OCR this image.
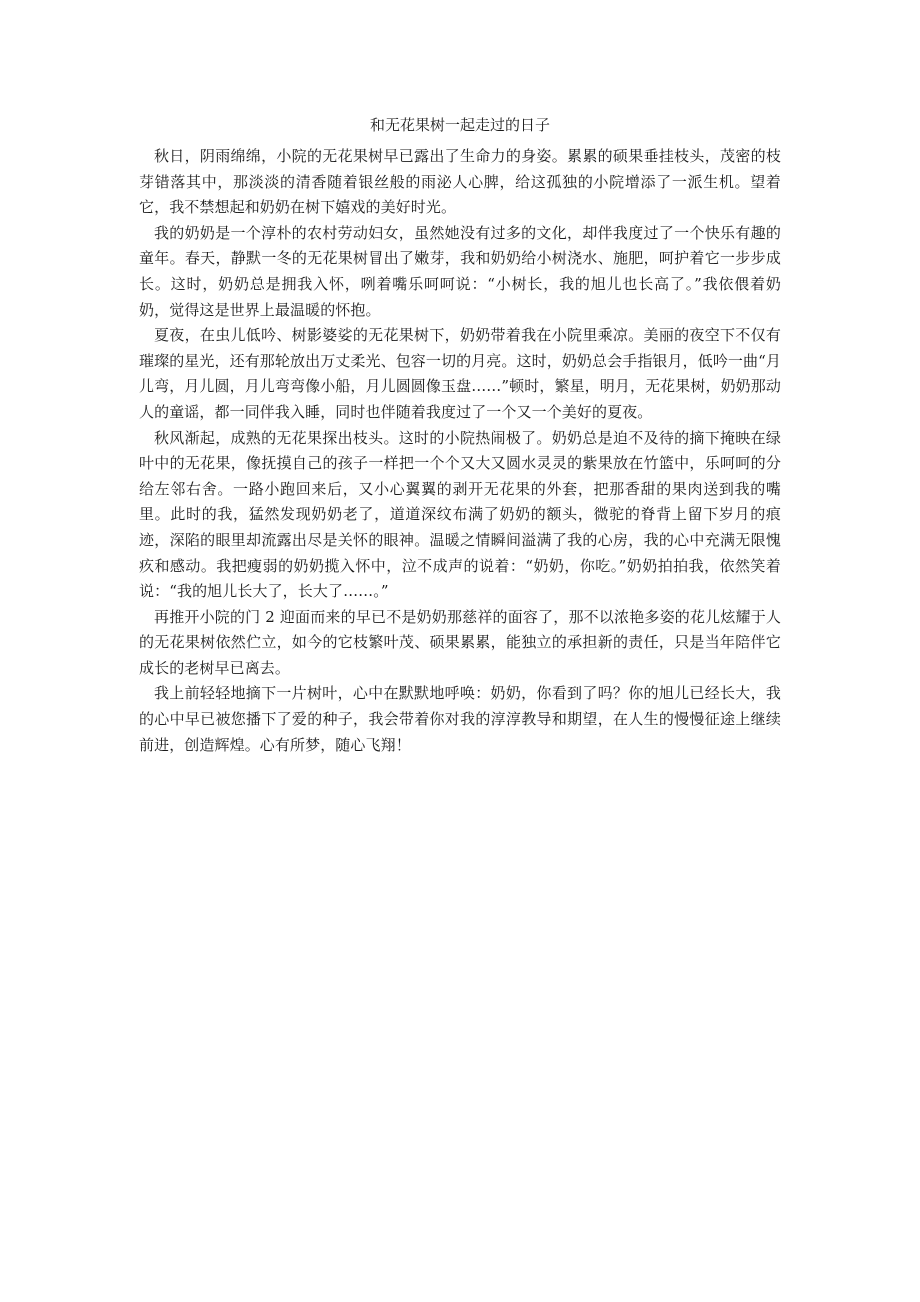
和无花果树一起走过的日子

秋日，阴雨绵绵，小院的无花果树早已露出了生命力的身姿。累累的硕果垂挂枝头，茂密的枝芽错落其中，那淡淡的清香随着银丝般的雨泌人心脾，给这孤独的小院增添了一派生机。望着它，我不禁想起和奶奶在树下嬉戏的美好时光。

我的奶奶是一个淳朴的农村劳动妇女，虽然她没有过多的文化，却伴我度过了一个快乐有趣的童年。春天，静默一冬的无花果树冒出了嫩芽，我和奶奶给小树浇水、施肥，呵护着它一步步成长。这时，奶奶总是拥我入怀，咧着嘴乐呵呵说：“小树长，我的旭儿也长高了。”我依偎着奶奶，觉得这是世界上最温暖的怀抱。

夏夜，在虫儿低吟、树影婆娑的无花果树下，奶奶带着我在小院里乘凉。美丽的夜空下不仅有璀璨的星光，还有那轮放出万丈柔光、包容一切的月亮。这时，奶奶总会手指银月，低吟一曲“月儿弯，月儿圆，月儿弯弯像小船，月儿圆圆像玉盘……”顿时，繁星，明月，无花果树，奶奶那动人的童谣，都一同伴我入睡，同时也伴随着我度过了一个又一个美好的夏夜。

秋风渐起，成熟的无花果探出枝头。这时的小院热闹极了。奶奶总是迫不及待的摘下掩映在绿叶中的无花果，像抚摸自己的孩子一样把一个个又大又圆水灵灵的紫果放在竹篮中，乐呵呵的分给左邻右舍。一路小跑回来后，又小心翼翼的剥开无花果的外套，把那香甜的果肉送到我的嘴里。此时的我，猛然发现奶奶老了，道道深纹布满了奶奶的额头，微驼的脊背上留下岁月的痕迹，深陷的眼里却流露出尽是关怀的眼神。温暖之情瞬间溢满了我的心房，我的心中充满无限愧疚和感动。我把瘦弱的奶奶揽入怀中，泣不成声的说着：“奶奶，你吃。”奶奶拍拍我，依然笑着说：“我的旭儿长大了，长大了……。”

再推开小院的门 2 迎面而来的早已不是奶奶那慈祥的面容了，那不以浓艳多姿的花儿炫耀于人的无花果树依然伫立，如今的它枝繁叶茂、硕果累累，能独立的承担新的责任，只是当年陪伴它成长的老树早已离去。

我上前轻轻地摘下一片树叶，心中在默默地呼唤：奶奶，你看到了吗？你的旭儿已经长大，我的心中早已被您播下了爱的种子，我会带着你对我的淳淳教导和期望，在人生的慢慢征途上继续前进，创造辉煌。心有所梦，随心飞翔！
